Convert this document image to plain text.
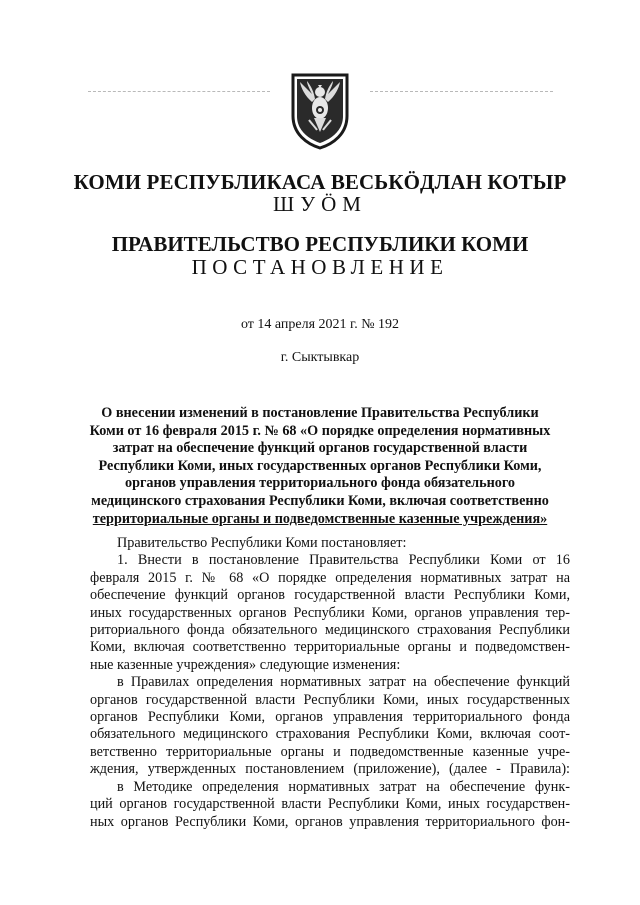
КОМИ РЕСПУБЛИКАСА ВЕСЬКӦДЛАН КОТЫР
ШУӦМ
ПРАВИТЕЛЬСТВО РЕСПУБЛИКИ КОМИ
ПОСТАНОВЛЕНИЕ
от 14 апреля 2021 г. № 192
г. Сыктывкар
О внесении изменений в постановление Правительства Республики
Коми от 16 февраля 2015 г. № 68 «О порядке определения нормативных
затрат на обеспечение функций органов государственной власти
Республики Коми, иных государственных органов Республики Коми,
органов управления территориального фонда обязательного
медицинского страхования Республики Коми, включая соответственно
территориальные органы и подведомственные казенные учреждения»
Правительство Республики Коми постановляет:
1. Внести в постановление Правительства Республики Коми от 16
февраля 2015 г. № 68 «О порядке определения нормативных затрат на
обеспечение функций органов государственной власти Республики Коми,
иных государственных органов Республики Коми, органов управления тер-
риториального фонда обязательного медицинского страхования Республики
Коми, включая соответственно территориальные органы и подведомствен-
ные казенные учреждения» следующие изменения:
в Правилах определения нормативных затрат на обеспечение функций
органов государственной власти Республики Коми, иных государственных
органов Республики Коми, органов управления территориального фонда
обязательного медицинского страхования Республики Коми, включая соот-
ветственно территориальные органы и подведомственные казенные учре-
ждения, утвержденных постановлением (приложение), (далее - Правила):
в Методике определения нормативных затрат на обеспечение функ-
ций органов государственной власти Республики Коми, иных государствен-
ных органов Республики Коми, органов управления территориального фон-
